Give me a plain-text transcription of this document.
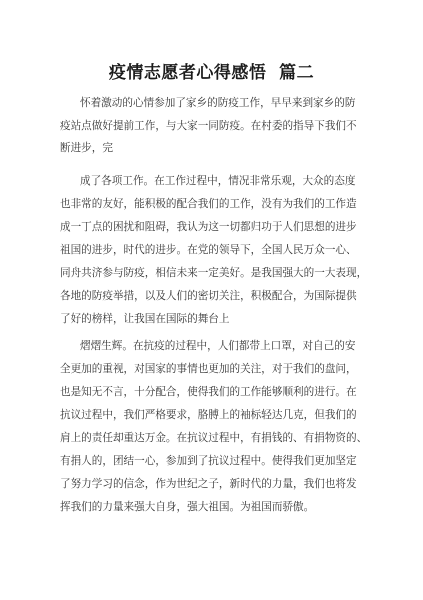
疫情志愿者心得感悟  篇二
怀着激动的心情参加了家乡的防疫工作，早早来到家乡的防
疫站点做好提前工作，与大家一同防疫。在村委的指导下我们不
断进步，完
成了各项工作。在工作过程中，情况非常乐观，大众的态度
也非常的友好，能积极的配合我们的工作，没有为我们的工作造
成一丁点的困扰和阻碍，我认为这一切都归功于人们思想的进步
祖国的进步，时代的进步。在党的领导下，全国人民万众一心、
同舟共济参与防疫，相信未来一定美好。是我国强大的一大表现，
各地的防疫举措，以及人们的密切关注，积极配合，为国际提供
了好的榜样，让我国在国际的舞台上
熠熠生辉。在抗疫的过程中，人们都带上口罩，对自己的安
全更加的重视，对国家的事情也更加的关注，对于我们的盘问，
也是知无不言，十分配合，使得我们的工作能够顺利的进行。在
抗议过程中，我们严格要求，胳膊上的袖标轻达几克，但我们的
肩上的责任却重达万金。在抗议过程中，有捐钱的、有捐物资的、
有捐人的，团结一心，参加到了抗议过程中。使得我们更加坚定
了努力学习的信念，作为世纪之子，新时代的力量，我们也将发
挥我们的力量来强大自身，强大祖国。为祖国而骄傲。
